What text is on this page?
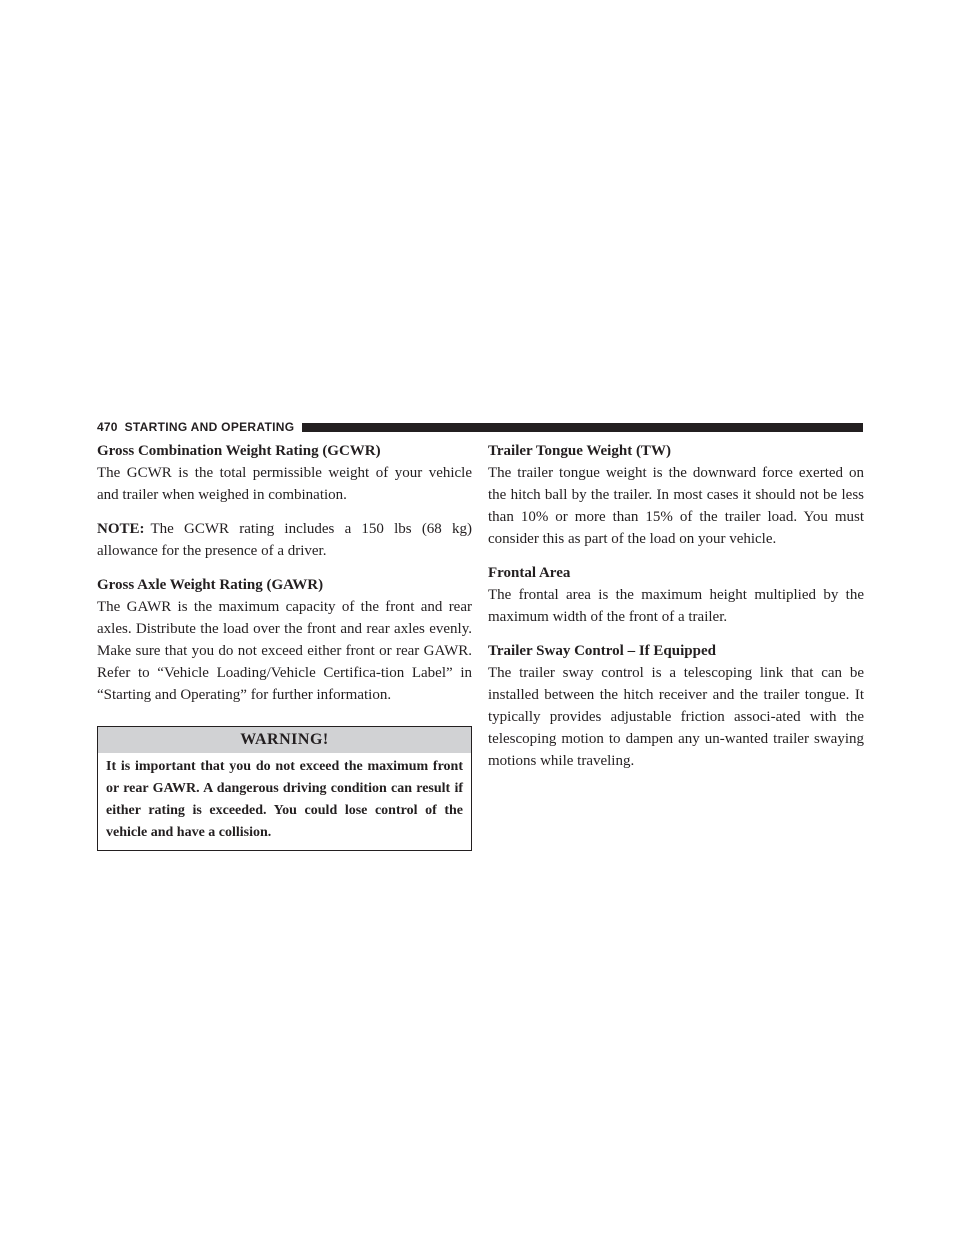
470 STARTING AND OPERATING
Gross Combination Weight Rating (GCWR)

The GCWR is the total permissible weight of your vehicle and trailer when weighed in combination.

NOTE: The GCWR rating includes a 150 lbs (68 kg) allowance for the presence of a driver.

Gross Axle Weight Rating (GAWR)

The GAWR is the maximum capacity of the front and rear axles. Distribute the load over the front and rear axles evenly. Make sure that you do not exceed either front or rear GAWR. Refer to “Vehicle Loading/Vehicle Certifica-tion Label” in “Starting and Operating” for further information.

WARNING!
It is important that you do not exceed the maximum front or rear GAWR. A dangerous driving condition can result if either rating is exceeded. You could lose control of the vehicle and have a collision.
Trailer Tongue Weight (TW)

The trailer tongue weight is the downward force exerted on the hitch ball by the trailer. In most cases it should not be less than 10% or more than 15% of the trailer load. You must consider this as part of the load on your vehicle.

Frontal Area

The frontal area is the maximum height multiplied by the maximum width of the front of a trailer.

Trailer Sway Control – If Equipped

The trailer sway control is a telescoping link that can be installed between the hitch receiver and the trailer tongue. It typically provides adjustable friction associ-ated with the telescoping motion to dampen any un-wanted trailer swaying motions while traveling.
